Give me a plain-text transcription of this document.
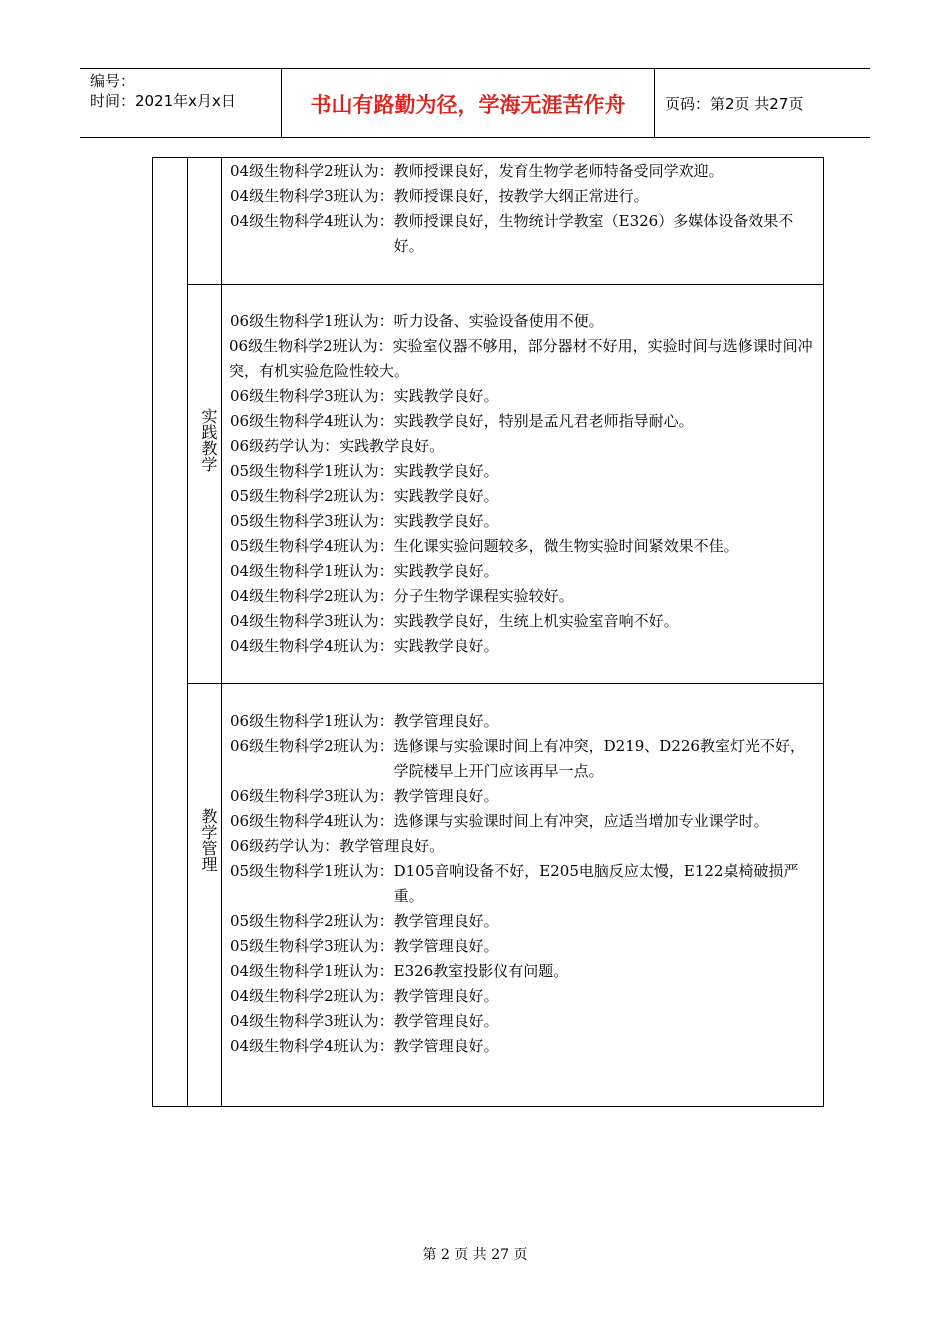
编号：
时间：2021年x月x日	书山有路勤为径，学海无涯苦作舟	页码：第2页 共27页
04级生物科学2班认为：教师授课良好，发育生物学老师特备受同学欢迎。
04级生物科学3班认为：教师授课良好，按教学大纲正常进行。
04级生物科学4班认为： 教师授课良好，生物统计学教室（E326）多媒体设备效果不好。
实践教学
06级生物科学1班认为：听力设备、实验设备使用不便。
06级生物科学2班认为：实验室仪器不够用，部分器材不好用，实验时间与选修课时间冲突，有机实验危险性较大。
06级生物科学3班认为：实践教学良好。
06级生物科学4班认为：实践教学良好，特别是孟凡君老师指导耐心。
06级药学认为：实践教学良好。
05级生物科学1班认为：实践教学良好。
05级生物科学2班认为：实践教学良好。
05级生物科学3班认为：实践教学良好。
05级生物科学4班认为：生化课实验问题较多，微生物实验时间紧效果不佳。
04级生物科学1班认为：实践教学良好。
04级生物科学2班认为：分子生物学课程实验较好。
04级生物科学3班认为：实践教学良好，生统上机实验室音响不好。
04级生物科学4班认为：实践教学良好。
教学管理
06级生物科学1班认为：教学管理良好。
06级生物科学2班认为： 选修课与实验课时间上有冲突，D219、D226教室灯光不好，学院楼早上开门应该再早一点。
06级生物科学3班认为：教学管理良好。
06级生物科学4班认为：选修课与实验课时间上有冲突，应适当增加专业课学时。
06级药学认为：教学管理良好。
05级生物科学1班认为： D105音响设备不好，E205电脑反应太慢，E122桌椅破损严重。
05级生物科学2班认为：教学管理良好。
05级生物科学3班认为：教学管理良好。
04级生物科学1班认为：E326教室投影仪有问题。
04级生物科学2班认为：教学管理良好。
04级生物科学3班认为：教学管理良好。
04级生物科学4班认为：教学管理良好。
第 2 页 共 27 页
